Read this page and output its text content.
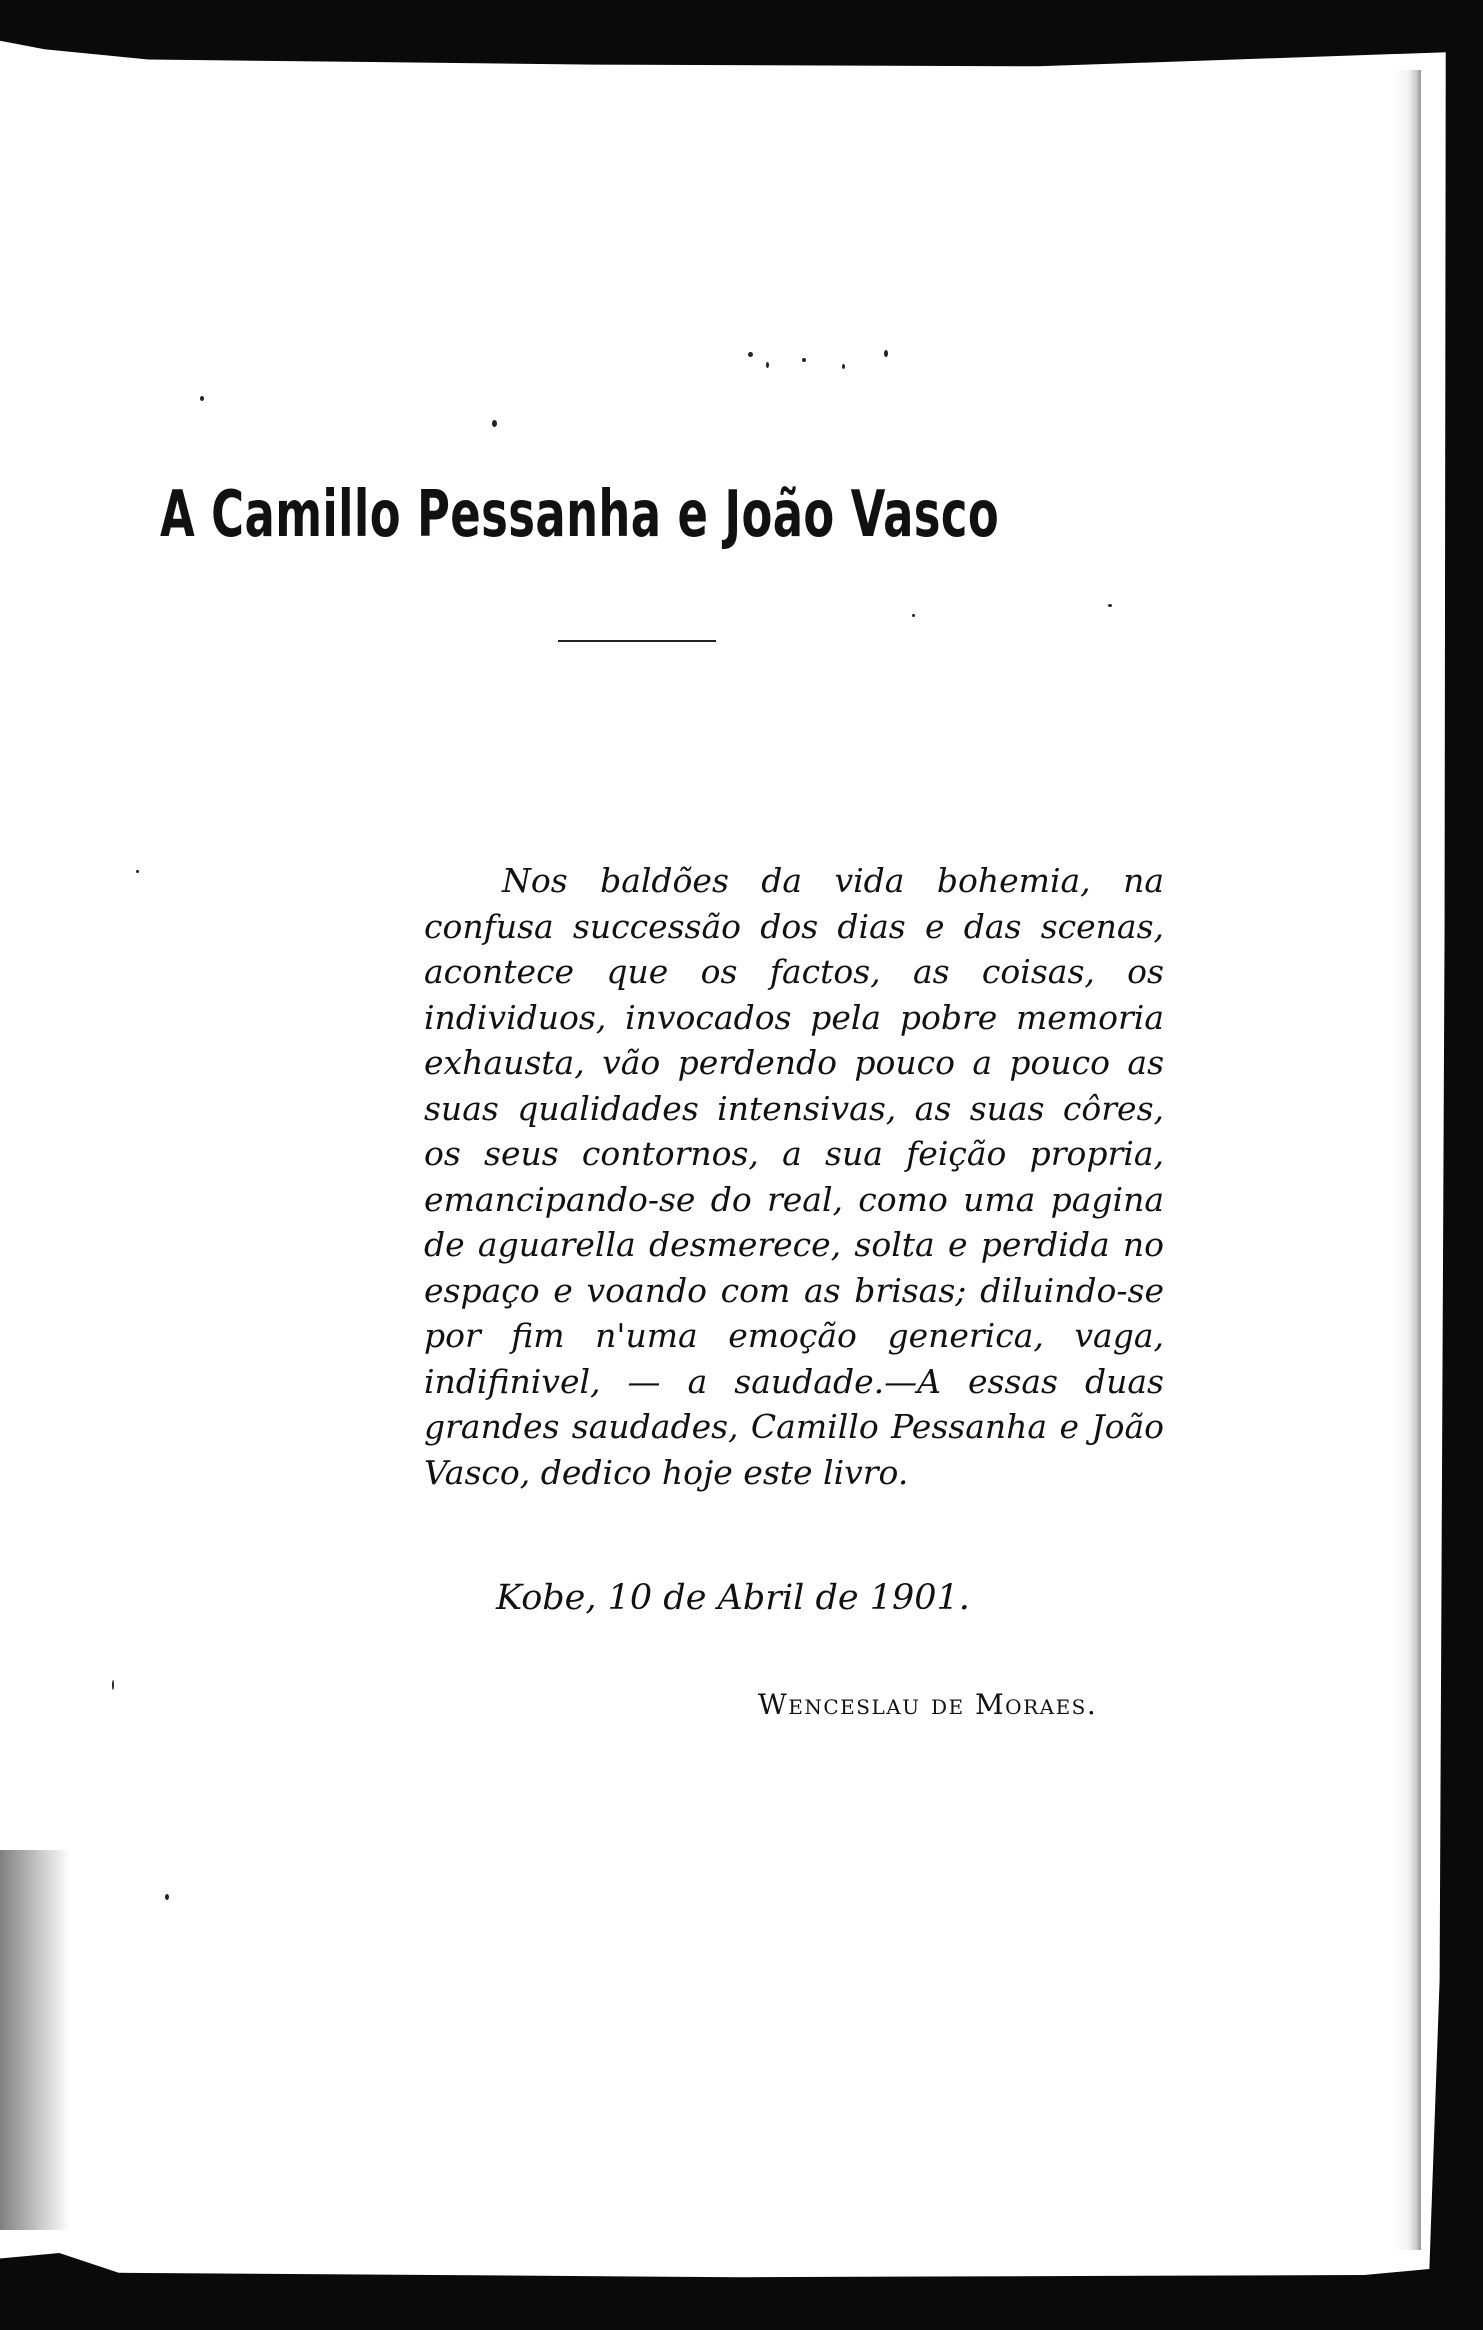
A Camillo Pessanha e João Vasco

Nos baldões da vida bohemia, na confusa successão dos dias e das scenas, acontece que os factos, as coisas, os individuos, invocados pela pobre memoria exhausta, vão perdendo pouco a pouco as suas qualidades intensivas, as suas côres, os seus contornos, a sua feição propria, emancipando-se do real, como uma pagina de aguarella desmerece, solta e perdida no espaço e voando com as brisas; diluindo-se por fim n'uma emoção generica, vaga, indifinivel, — a saudade.—A essas duas grandes saudades, Camillo Pessanha e João Vasco, dedico hoje este livro.

Kobe, 10 de Abril de 1901.

Wenceslau de Moraes.
